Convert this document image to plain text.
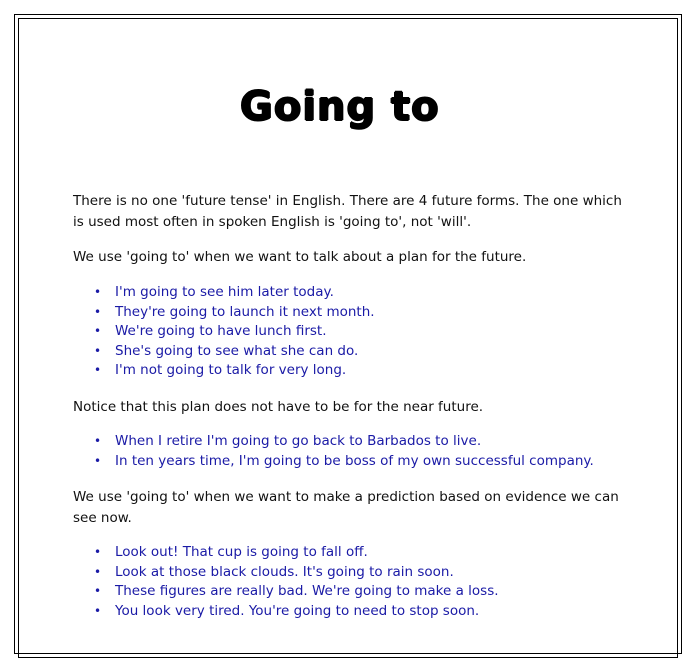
Going to

There is no one 'future tense' in English. There are 4 future forms. The one which is used most often in spoken English is 'going to', not 'will'.

We use 'going to' when we want to talk about a plan for the future.

• I'm going to see him later today.
• They're going to launch it next month.
• We're going to have lunch first.
• She's going to see what she can do.
• I'm not going to talk for very long.

Notice that this plan does not have to be for the near future.

• When I retire I'm going to go back to Barbados to live.
• In ten years time, I'm going to be boss of my own successful company.

We use 'going to' when we want to make a prediction based on evidence we can see now.

• Look out! That cup is going to fall off.
• Look at those black clouds. It's going to rain soon.
• These figures are really bad. We're going to make a loss.
• You look very tired. You're going to need to stop soon.
